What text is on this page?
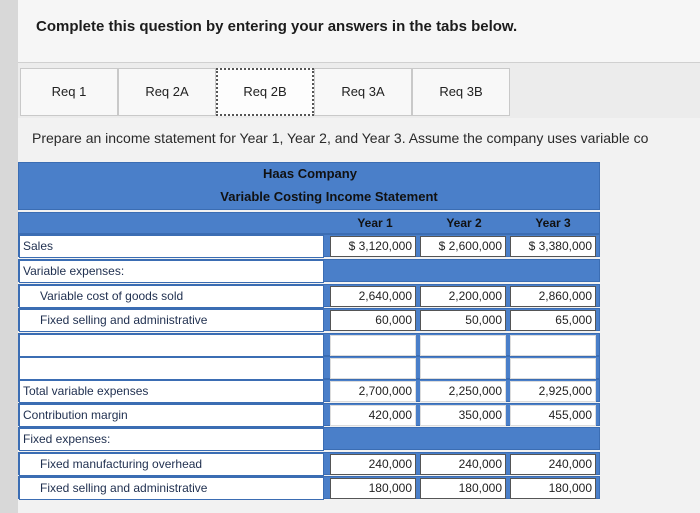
Complete this question by entering your answers in the tabs below.
Req 1	Req 2A	Req 2B	Req 3A	Req 3B
Prepare an income statement for Year 1, Year 2, and Year 3. Assume the company uses variable co
Haas Company
Variable Costing Income Statement
Year 1	Year 2	Year 3
Sales	$ 3,120,000	$ 2,600,000	$ 3,380,000
Variable expenses:
Variable cost of goods sold	2,640,000	2,200,000	2,860,000
Fixed selling and administrative	60,000	50,000	65,000
Total variable expenses	2,700,000	2,250,000	2,925,000
Contribution margin	420,000	350,000	455,000
Fixed expenses:
Fixed manufacturing overhead	240,000	240,000	240,000
Fixed selling and administrative	180,000	180,000	180,000
